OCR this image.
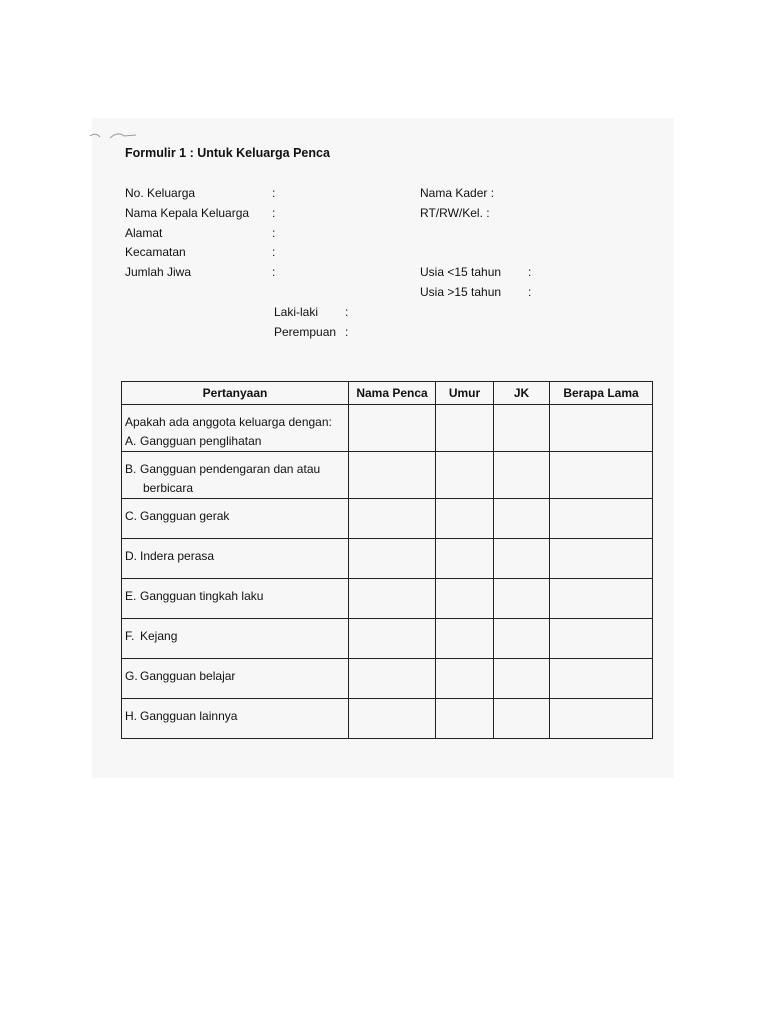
Formulir 1 : Untuk Keluarga Penca
No. Keluarga	:
Nama Kepala Keluarga :
Alamat	:
Kecamatan	:
Jumlah Jiwa	:
Nama Kader :
RT/RW/Kel. :
Usia <15 tahun :
Usia >15 tahun :
Laki-laki :
Perempuan :
Pertanyaan	Nama Penca	Umur	JK	Berapa Lama

Apakah ada anggota keluarga dengan:
A. Gangguan penglihatan				

B. Gangguan pendengaran dan atau
berbicara				

C. Gangguan gerak				

D. Indera perasa				

E. Gangguan tingkah laku				

F. Kejang				

G. Gangguan belajar				

H. Gangguan lainnya				
